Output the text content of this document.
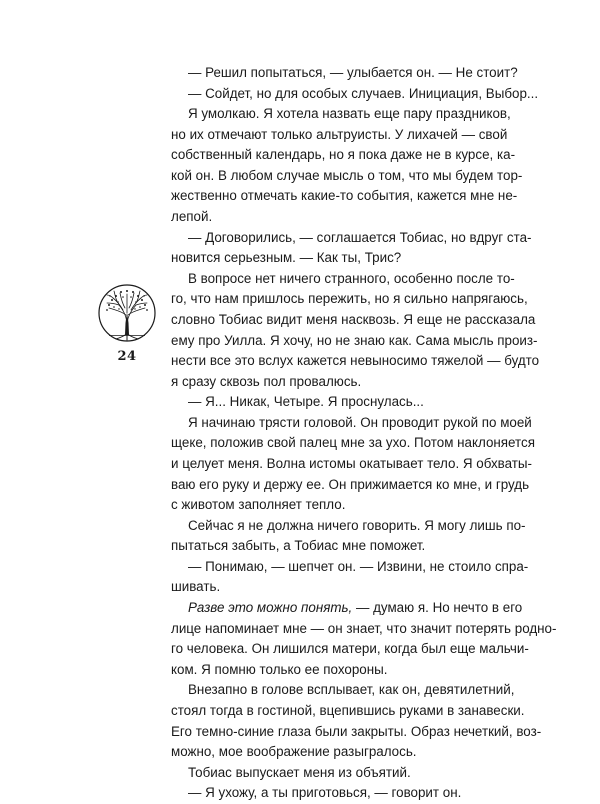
— Решил попытаться, — улыбается он. — Не стоит?
— Сойдет, но для особых случаев. Инициация, Выбор...
Я умолкаю. Я хотела назвать еще пару праздников,
но их отмечают только альтруисты. У лихачей — свой
собственный календарь, но я пока даже не в курсе, ка-
кой он. В любом случае мысль о том, что мы будем тор-
жественно отмечать какие-то события, кажется мне не-
лепой.
— Договорились, — соглашается Тобиас, но вдруг ста-
новится серьезным. — Как ты, Трис?
В вопросе нет ничего странного, особенно после то-
го, что нам пришлось пережить, но я сильно напрягаюсь,
словно Тобиас видит меня насквозь. Я еще не рассказала
ему про Уилла. Я хочу, но не знаю как. Сама мысль произ-
нести все это вслух кажется невыносимо тяжелой — будто
я сразу сквозь пол провалюсь.
— Я... Никак, Четыре. Я проснулась...
Я начинаю трясти головой. Он проводит рукой по моей
щеке, положив свой палец мне за ухо. Потом наклоняется
и целует меня. Волна истомы окатывает тело. Я обхваты-
ваю его руку и держу ее. Он прижимается ко мне, и грудь
с животом заполняет тепло.
Сейчас я не должна ничего говорить. Я могу лишь по-
пытаться забыть, а Тобиас мне поможет.
— Понимаю, — шепчет он. — Извини, не стоило спра-
шивать.
Разве это можно понять, — думаю я. Но нечто в его
лице напоминает мне — он знает, что значит потерять родно-
го человека. Он лишился матери, когда был еще мальчи-
ком. Я помню только ее похороны.
Внезапно в голове всплывает, как он, девятилетний,
стоял тогда в гостиной, вцепившись руками в занавески.
Его темно-синие глаза были закрыты. Образ нечеткий, воз-
можно, мое воображение разыгралось.
Тобиас выпускает меня из объятий.
— Я ухожу, а ты приготовься, — говорит он.
24
